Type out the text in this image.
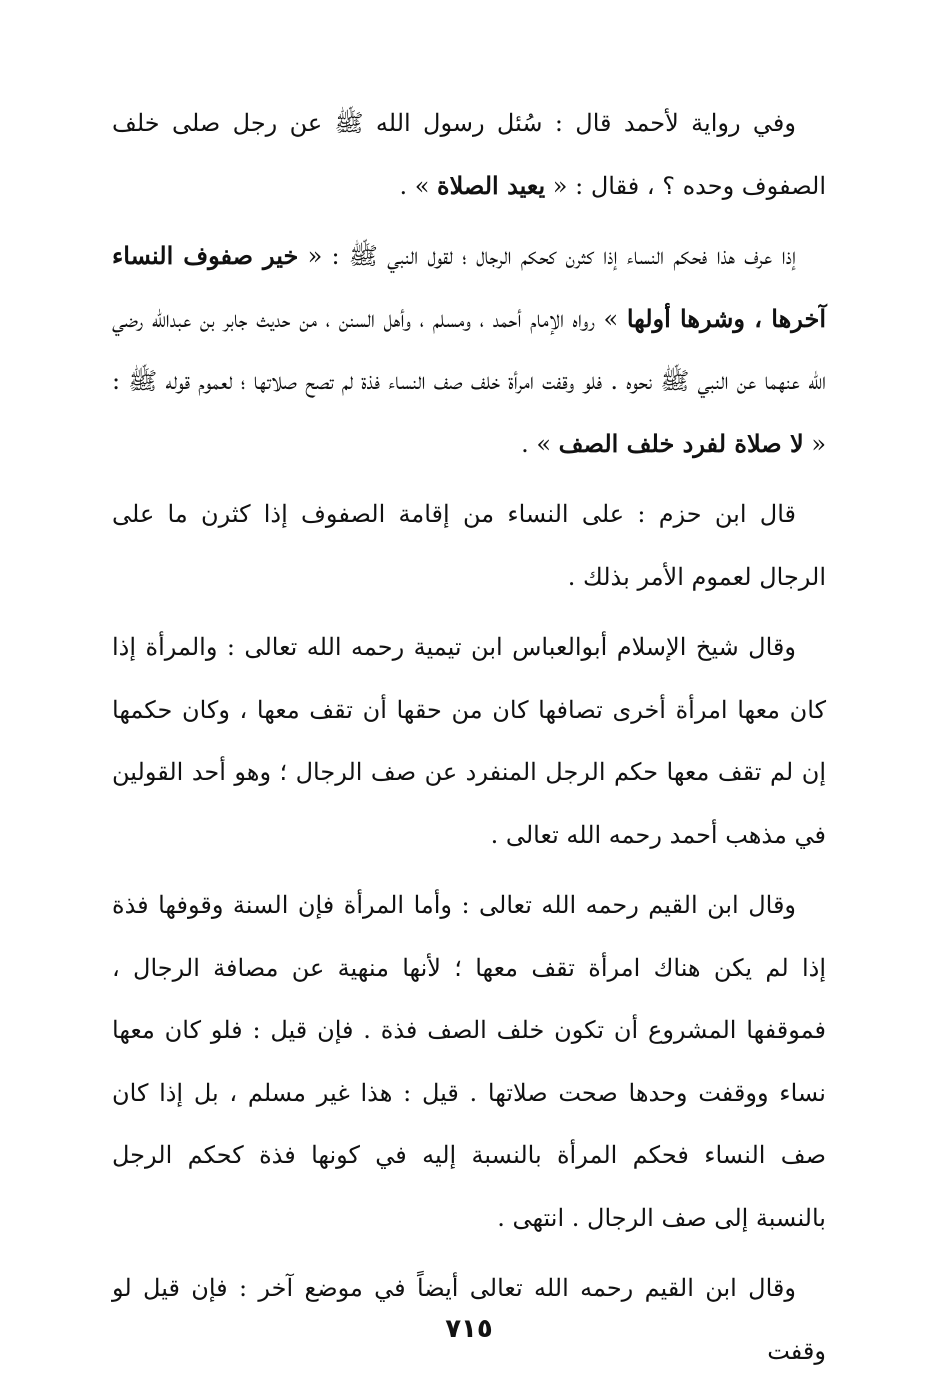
وفي رواية لأحمد قال : سُئل رسول الله ﷺ عن رجل صلى خلف الصفوف وحده ؟ ، فقال : « يعيد الصلاة » .

إذا عرف هذا فحكم النساء إذا كثرن كحكم الرجال ؛ لقول النبي ﷺ : « خير صفوف النساء آخرها ، وشرها أولها » رواه الإمام أحمد ، ومسلم ، وأهل السنن ، من حديث جابر بن عبدالله رضي الله عنهما عن النبي ﷺ نحوه . فلو وقفت امرأة خلف صف النساء فذة لم تصح صلاتها ؛ لعموم قوله ﷺ : « لا صلاة لفرد خلف الصف » .

قال ابن حزم : على النساء من إقامة الصفوف إذا كثرن ما على الرجال لعموم الأمر بذلك .

وقال شيخ الإسلام أبوالعباس ابن تيمية رحمه الله تعالى : والمرأة إذا كان معها امرأة أخرى تصافها كان من حقها أن تقف معها ، وكان حكمها إن لم تقف معها حكم الرجل المنفرد عن صف الرجال ؛ وهو أحد القولين في مذهب أحمد رحمه الله تعالى .

وقال ابن القيم رحمه الله تعالى : وأما المرأة فإن السنة وقوفها فذة إذا لم يكن هناك امرأة تقف معها ؛ لأنها منهية عن مصافة الرجال ، فموقفها المشروع أن تكون خلف الصف فذة . فإن قيل : فلو كان معها نساء ووقفت وحدها صحت صلاتها . قيل : هذا غير مسلم ، بل إذا كان صف النساء فحكم المرأة بالنسبة إليه في كونها فذة كحكم الرجل بالنسبة إلى صف الرجال . انتهى .

وقال ابن القيم رحمه الله تعالى أيضاً في موضع آخر : فإن قيل لو وقفت

٧١٥
